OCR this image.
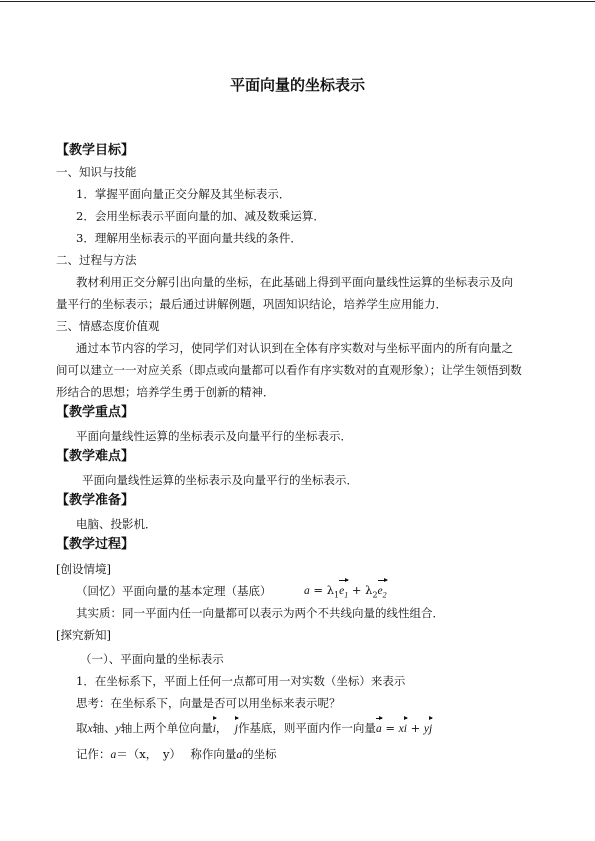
平面向量的坐标表示
【教学目标】
一、知识与技能
1．掌握平面向量正交分解及其坐标表示．
2．会用坐标表示平面向量的加、减及数乘运算．
3．理解用坐标表示的平面向量共线的条件．
二、过程与方法
教材利用正交分解引出向量的坐标，在此基础上得到平面向量线性运算的坐标表示及向
量平行的坐标表示；最后通过讲解例题，巩固知识结论，培养学生应用能力．
三、情感态度价值观
通过本节内容的学习，使同学们对认识到在全体有序实数对与坐标平面内的所有向量之
间可以建立一一对应关系（即点或向量都可以看作有序实数对的直观形象）；让学生领悟到数
形结合的思想；培养学生勇于创新的精神．
【教学重点】
平面向量线性运算的坐标表示及向量平行的坐标表示．
【教学难点】
平面向量线性运算的坐标表示及向量平行的坐标表示．
【教学准备】
电脑、投影机．
【教学过程】
[创设情境]
（回忆）平面向量的基本定理（基底）	$a = \lambda_1e_1 + \lambda_2e_2$
其实质：同一平面内任一向量都可以表示为两个不共线向量的线性组合．
[探究新知]
（一）、平面向量的坐标表示
1．在坐标系下，平面上任何一点都可用一对实数（坐标）来表示
思考：在坐标系下，向量是否可以用坐标来表示呢？
取x轴、y轴上两个单位向量i， j作基底，则平面内作一向量a = xi + yj
记作：a＝（x，　y）　 称作向量a的坐标
